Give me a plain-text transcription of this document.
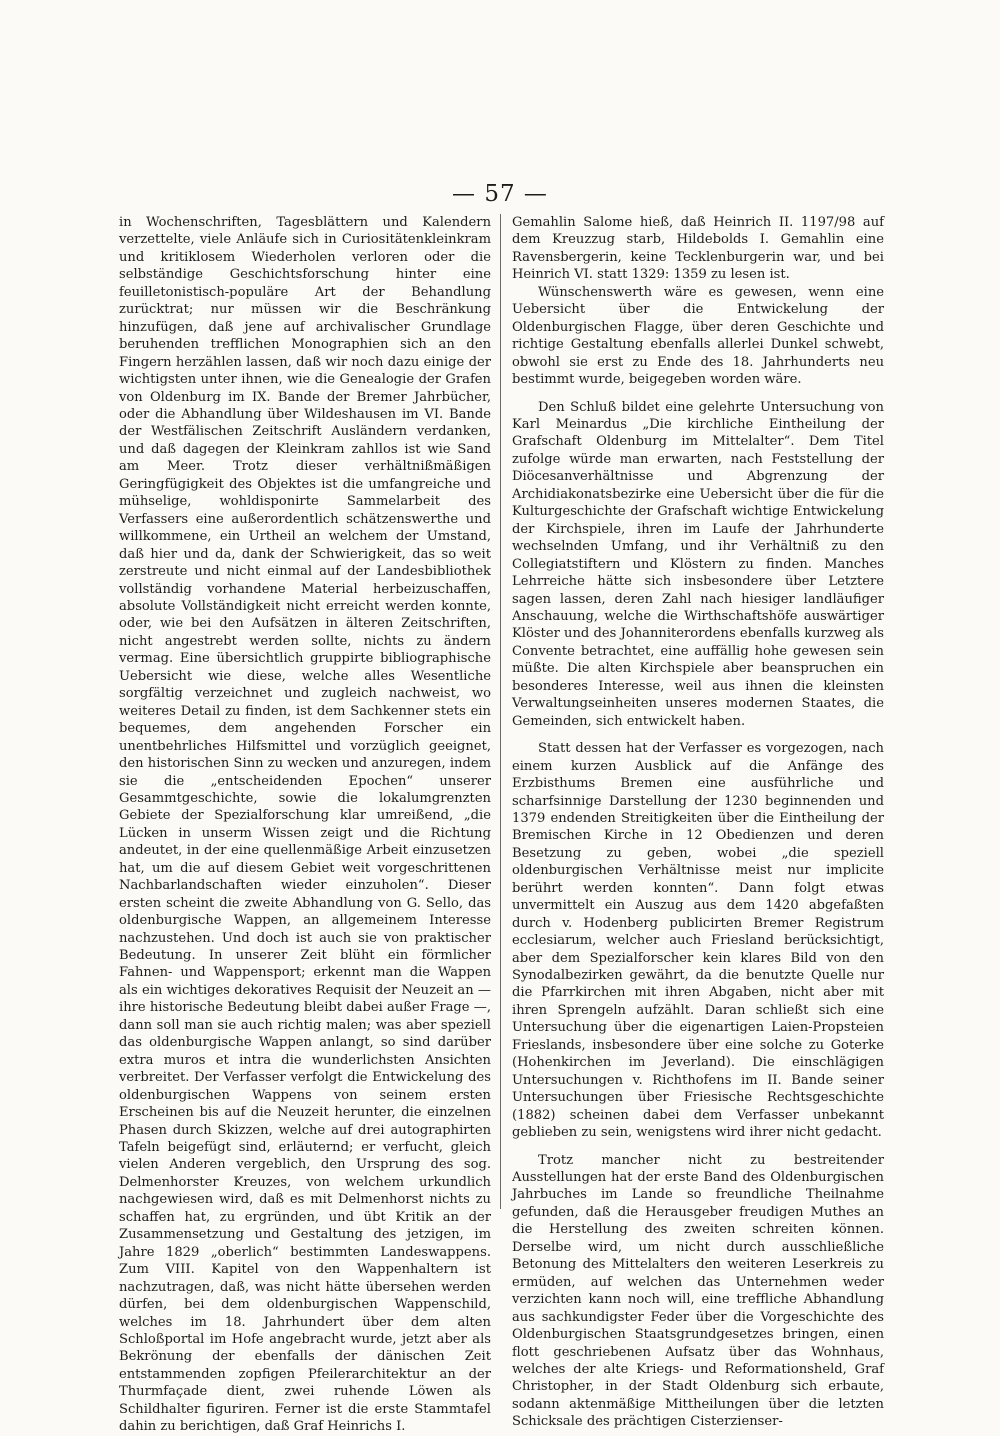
— 57 —

in Wochenschriften, Tagesblättern und Kalendern verzettelte, viele Anläufe sich in Curiositätenkleinkram und kritiklosem Wiederholen verloren oder die selbständige Geschichtsforschung hinter eine feuilletonistisch-populäre Art der Behandlung zurücktrat; nur müssen wir die Beschränkung hinzufügen, daß jene auf archivalischer Grundlage beruhenden trefflichen Monographien sich an den Fingern herzählen lassen, daß wir noch dazu einige der wichtigsten unter ihnen, wie die Genealogie der Grafen von Oldenburg im IX. Bande der Bremer Jahrbücher, oder die Abhandlung über Wildeshausen im VI. Bande der Westfälischen Zeitschrift Ausländern verdanken, und daß dagegen der Kleinkram zahllos ist wie Sand am Meer. Trotz dieser verhältnißmäßigen Geringfügigkeit des Objektes ist die umfangreiche und mühselige, wohldisponirte Sammelarbeit des Verfassers eine außerordentlich schätzenswerthe und willkommene, ein Urtheil an welchem der Umstand, daß hier und da, dank der Schwierigkeit, das so weit zerstreute und nicht einmal auf der Landesbibliothek vollständig vorhandene Material herbeizuschaffen, absolute Vollständigkeit nicht erreicht werden konnte, oder, wie bei den Aufsätzen in älteren Zeitschriften, nicht angestrebt werden sollte, nichts zu ändern vermag. Eine übersichtlich gruppirte bibliographische Uebersicht wie diese, welche alles Wesentliche sorgfältig verzeichnet und zugleich nachweist, wo weiteres Detail zu finden, ist dem Sachkenner stets ein bequemes, dem angehenden Forscher ein unentbehrliches Hilfsmittel und vorzüglich geeignet, den historischen Sinn zu wecken und anzuregen, indem sie die „entscheidenden Epochen“ unserer Gesammtgeschichte, sowie die lokalumgrenzten Gebiete der Spezialforschung klar umreißend, „die Lücken in unserm Wissen zeigt und die Richtung andeutet, in der eine quellenmäßige Arbeit einzusetzen hat, um die auf diesem Gebiet weit vorgeschrittenen Nachbarlandschaften wieder einzuholen“. Dieser ersten scheint die zweite Abhandlung von G. Sello, das oldenburgische Wappen, an allgemeinem Interesse nachzustehen. Und doch ist auch sie von praktischer Bedeutung. In unserer Zeit blüht ein förmlicher Fahnen- und Wappensport; erkennt man die Wappen als ein wichtiges dekoratives Requisit der Neuzeit an — ihre historische Bedeutung bleibt dabei außer Frage —, dann soll man sie auch richtig malen; was aber speziell das oldenburgische Wappen anlangt, so sind darüber extra muros et intra die wunderlichsten Ansichten verbreitet. Der Verfasser verfolgt die Entwickelung des oldenburgischen Wappens von seinem ersten Erscheinen bis auf die Neuzeit herunter, die einzelnen Phasen durch Skizzen, welche auf drei autographirten Tafeln beigefügt sind, erläuternd; er verfucht, gleich vielen Anderen vergeblich, den Ursprung des sog. Delmenhorster Kreuzes, von welchem urkundlich nachgewiesen wird, daß es mit Delmenhorst nichts zu schaffen hat, zu ergründen, und übt Kritik an der Zusammensetzung und Gestaltung des jetzigen, im Jahre 1829 „oberlich“ bestimmten Landeswappens. Zum VIII. Kapitel von den Wappenhaltern ist nachzutragen, daß, was nicht hätte übersehen werden dürfen, bei dem oldenburgischen Wappenschild, welches im 18. Jahrhundert über dem alten Schloßportal im Hofe angebracht wurde, jetzt aber als Bekrönung der ebenfalls der dänischen Zeit entstammenden zopfigen Pfeilerarchitektur an der Thurmfaçade dient, zwei ruhende Löwen als Schildhalter figuriren. Ferner ist die erste Stammtafel dahin zu berichtigen, daß Graf Heinrichs I.

Gemahlin Salome hieß, daß Heinrich II. 1197/98 auf dem Kreuzzug starb, Hildebolds I. Gemahlin eine Ravensbergerin, keine Tecklenburgerin war, und bei Heinrich VI. statt 1329: 1359 zu lesen ist.

Wünschenswerth wäre es gewesen, wenn eine Uebersicht über die Entwickelung der Oldenburgischen Flagge, über deren Geschichte und richtige Gestaltung ebenfalls allerlei Dunkel schwebt, obwohl sie erst zu Ende des 18. Jahrhunderts neu bestimmt wurde, beigegeben worden wäre.

Den Schluß bildet eine gelehrte Untersuchung von Karl Meinardus „Die kirchliche Eintheilung der Grafschaft Oldenburg im Mittelalter“. Dem Titel zufolge würde man erwarten, nach Feststellung der Diöcesanverhältnisse und Abgrenzung der Archidiakonatsbezirke eine Uebersicht über die für die Kulturgeschichte der Grafschaft wichtige Entwickelung der Kirchspiele, ihren im Laufe der Jahrhunderte wechselnden Umfang, und ihr Verhältniß zu den Collegiatstiftern und Klöstern zu finden. Manches Lehrreiche hätte sich insbesondere über Letztere sagen lassen, deren Zahl nach hiesiger landläufiger Anschauung, welche die Wirthschaftshöfe auswärtiger Klöster und des Johanniterordens ebenfalls kurzweg als Convente betrachtet, eine auffällig hohe gewesen sein müßte. Die alten Kirchspiele aber beanspruchen ein besonderes Interesse, weil aus ihnen die kleinsten Verwaltungseinheiten unseres modernen Staates, die Gemeinden, sich entwickelt haben.

Statt dessen hat der Verfasser es vorgezogen, nach einem kurzen Ausblick auf die Anfänge des Erzbisthums Bremen eine ausführliche und scharfsinnige Darstellung der 1230 beginnenden und 1379 endenden Streitigkeiten über die Eintheilung der Bremischen Kirche in 12 Obedienzen und deren Besetzung zu geben, wobei „die speziell oldenburgischen Verhältnisse meist nur implicite berührt werden konnten“. Dann folgt etwas unvermittelt ein Auszug aus dem 1420 abgefaßten durch v. Hodenberg publicirten Bremer Registrum ecclesiarum, welcher auch Friesland berücksichtigt, aber dem Spezialforscher kein klares Bild von den Synodalbezirken gewährt, da die benutzte Quelle nur die Pfarrkirchen mit ihren Abgaben, nicht aber mit ihren Sprengeln aufzählt. Daran schließt sich eine Untersuchung über die eigenartigen Laien-Propsteien Frieslands, insbesondere über eine solche zu Goterke (Hohenkirchen im Jeverland). Die einschlägigen Untersuchungen v. Richthofens im II. Bande seiner Untersuchungen über Friesische Rechtsgeschichte (1882) scheinen dabei dem Verfasser unbekannt geblieben zu sein, wenigstens wird ihrer nicht gedacht.

Trotz mancher nicht zu bestreitender Ausstellungen hat der erste Band des Oldenburgischen Jahrbuches im Lande so freundliche Theilnahme gefunden, daß die Herausgeber freudigen Muthes an die Herstellung des zweiten schreiten können. Derselbe wird, um nicht durch ausschließliche Betonung des Mittelalters den weiteren Leserkreis zu ermüden, auf welchen das Unternehmen weder verzichten kann noch will, eine treffliche Abhandlung aus sachkundigster Feder über die Vorgeschichte des Oldenburgischen Staatsgrundgesetzes bringen, einen flott geschriebenen Aufsatz über das Wohnhaus, welches der alte Kriegs- und Reformationsheld, Graf Christopher, in der Stadt Oldenburg sich erbaute, sodann aktenmäßige Mittheilungen über die letzten Schicksale des prächtigen Cisterzienser-
